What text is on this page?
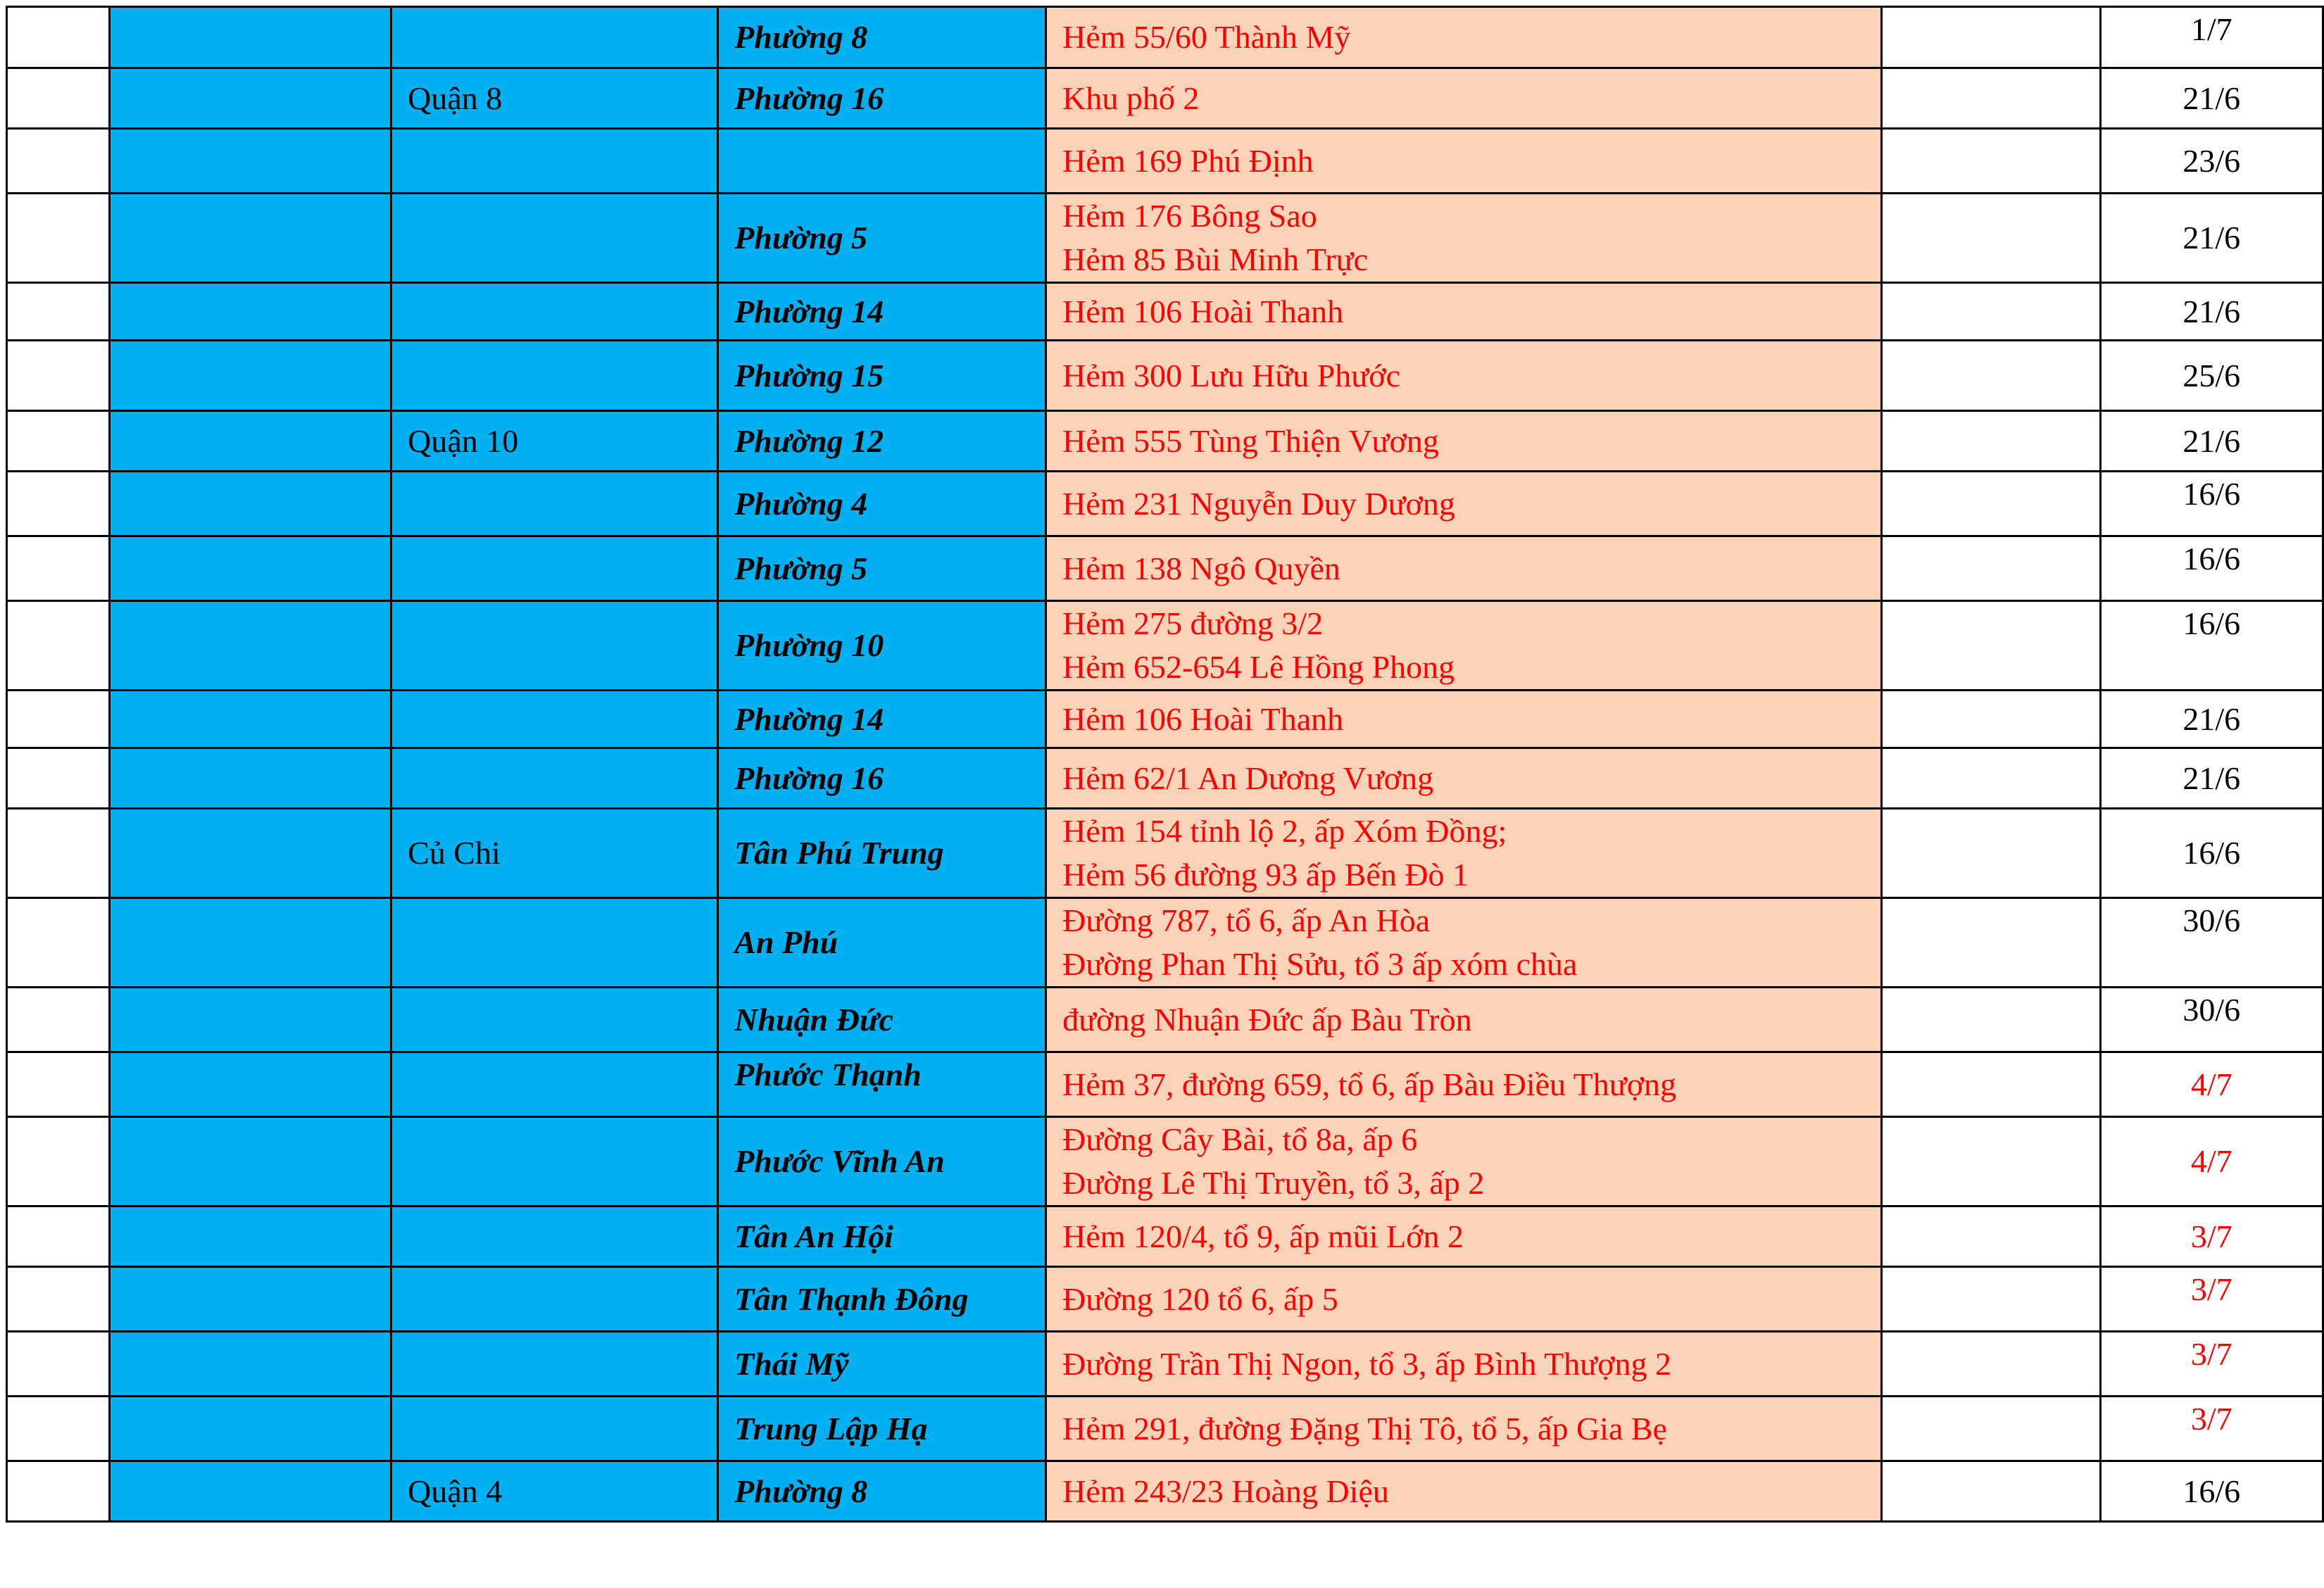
			Phường 8	Hẻm 55/60 Thành Mỹ		1/7
		Quận 8	Phường 16	Khu phố 2		21/6

				Hẻm 169 Phú Định		23/6
			Phường 5	Hẻm 176 Bông Sao
Hẻm 85 Bùi Minh Trực		21/6
			Phường 14	Hẻm 106 Hoài Thanh		21/6
			Phường 15	Hẻm 300 Lưu Hữu Phước		25/6
		Quận 10	Phường 12	Hẻm 555 Tùng Thiện Vương		21/6
			Phường 4	Hẻm 231 Nguyễn Duy Dương		16/6
			Phường 5	Hẻm 138 Ngô Quyền		16/6
			Phường 10	Hẻm 275 đường 3/2
Hẻm 652-654 Lê Hồng Phong		16/6
			Phường 14	Hẻm 106 Hoài Thanh		21/6
			Phường 16	Hẻm 62/1 An Dương Vương		21/6
		Củ Chi	Tân Phú Trung	Hẻm 154 tỉnh lộ 2, ấp Xóm Đồng;
Hẻm 56 đường 93 ấp Bến Đò 1		16/6
			An Phú	Đường 787, tổ 6, ấp An Hòa
Đường Phan Thị Sửu, tổ 3 ấp xóm chùa		30/6
			Nhuận Đức	đường Nhuận Đức ấp Bàu Tròn		30/6
			Phước Thạnh	Hẻm 37, đường 659, tổ 6, ấp Bàu Điều Thượng		4/7
			Phước Vĩnh An	Đường Cây Bài, tổ 8a, ấp 6
Đường Lê Thị Truyền, tổ 3, ấp 2		4/7
			Tân An Hội	Hẻm 120/4, tổ 9, ấp mũi Lớn 2		3/7
			Tân Thạnh Đông	Đường 120 tổ 6, ấp 5		3/7
			Thái Mỹ	Đường Trần Thị Ngon, tổ 3, ấp Bình Thượng 2		3/7
			Trung Lập Hạ	Hẻm 291, đường Đặng Thị Tô, tổ 5, ấp Gia Bẹ		3/7
		Quận 4	Phường 8	Hẻm 243/23 Hoàng Diệu		16/6
